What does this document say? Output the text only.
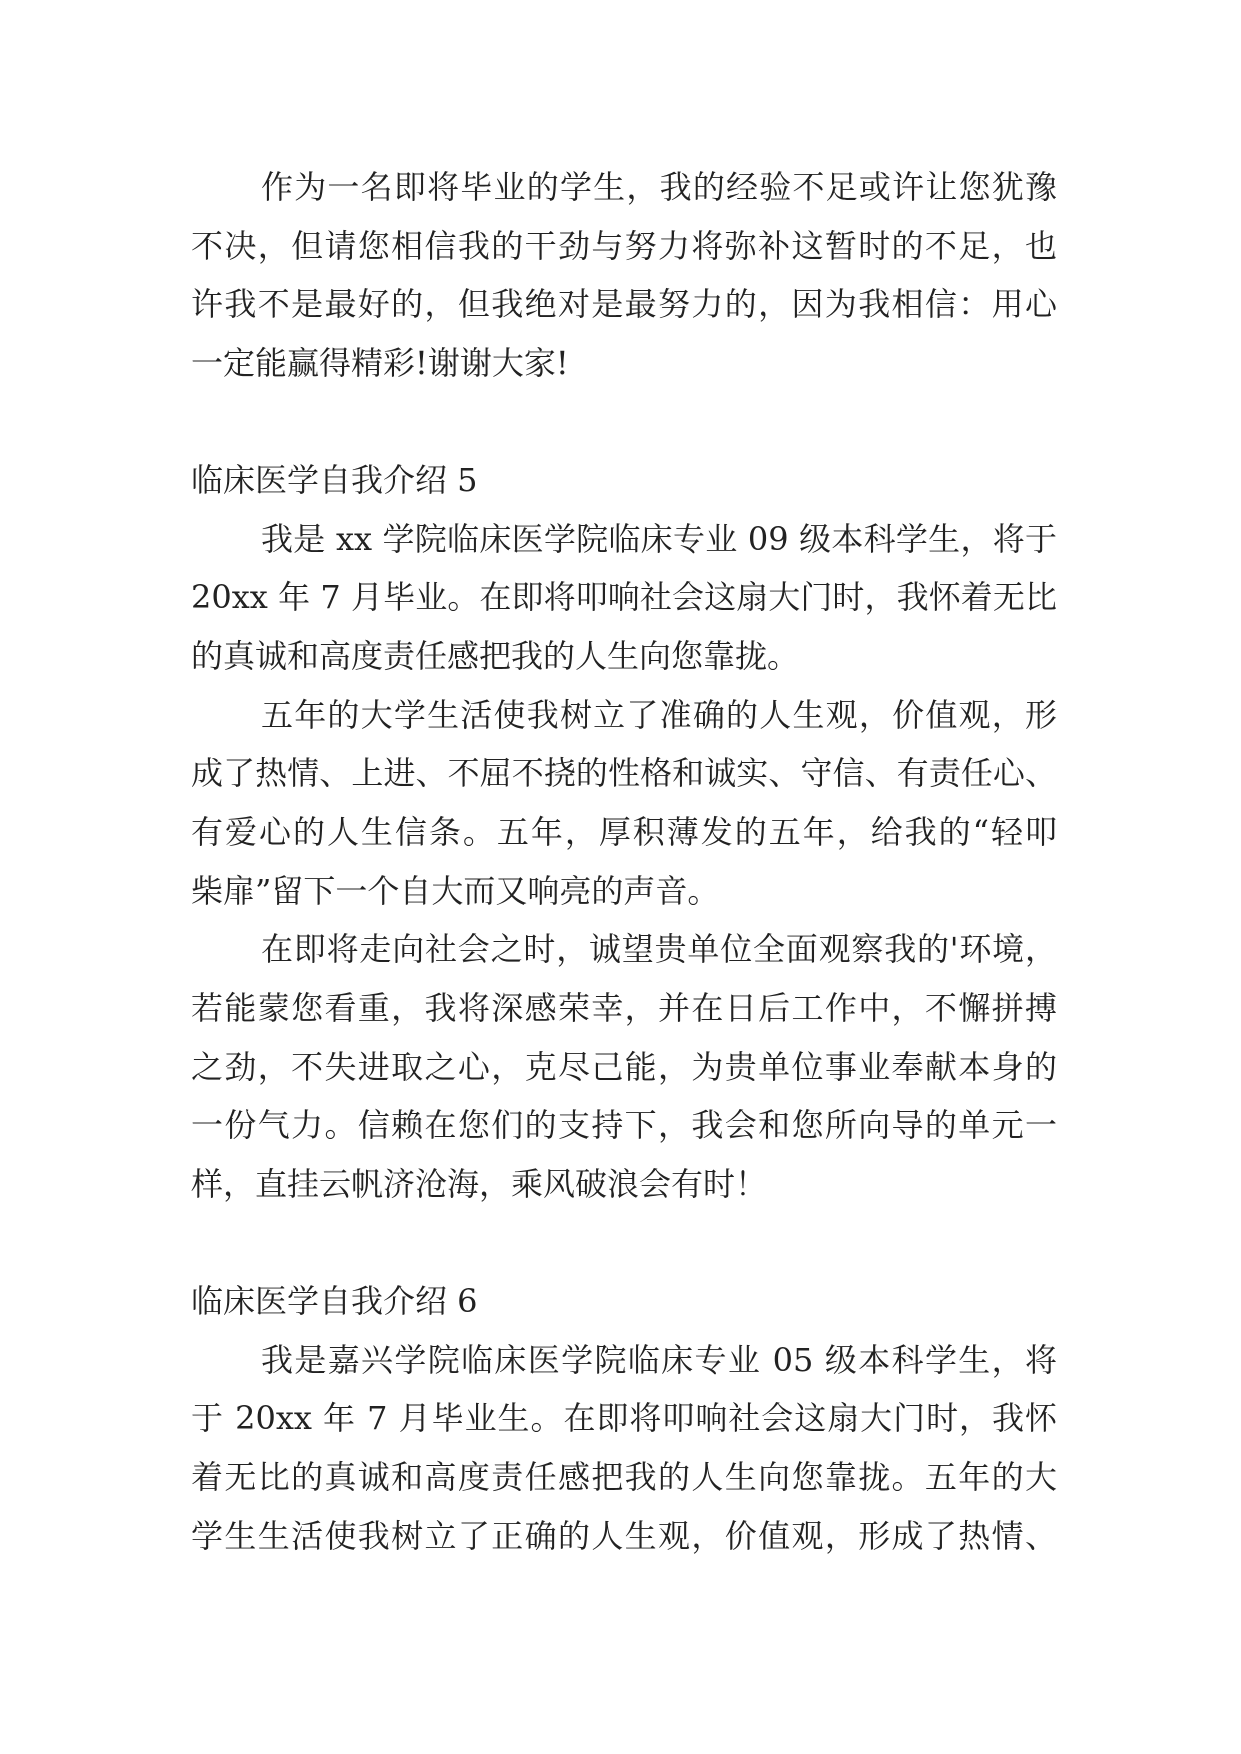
作为一名即将毕业的学生，我的经验不足或许让您犹豫
不决，但请您相信我的干劲与努力将弥补这暂时的不足，也
许我不是最好的，但我绝对是最努力的，因为我相信：用心
一定能赢得精彩!谢谢大家!
临床医学自我介绍 5
我是 xx 学院临床医学院临床专业 09 级本科学生，将于
20xx 年 7 月毕业。在即将叩响社会这扇大门时，我怀着无比
的真诚和高度责任感把我的人生向您靠拢。
五年的大学生活使我树立了准确的人生观，价值观，形
成了热情、上进、不屈不挠的性格和诚实、守信、有责任心、
有爱心的人生信条。五年，厚积薄发的五年，给我的“轻叩
柴扉”留下一个自大而又响亮的声音。
在即将走向社会之时，诚望贵单位全面观察我的'环境，
若能蒙您看重，我将深感荣幸，并在日后工作中，不懈拼搏
之劲，不失进取之心，克尽己能，为贵单位事业奉献本身的
一份气力。信赖在您们的支持下，我会和您所向导的单元一
样，直挂云帆济沧海，乘风破浪会有时！
临床医学自我介绍 6
我是嘉兴学院临床医学院临床专业 05 级本科学生，将
于 20xx 年 7 月毕业生。在即将叩响社会这扇大门时，我怀
着无比的真诚和高度责任感把我的人生向您靠拢。五年的大
学生生活使我树立了正确的人生观，价值观，形成了热情、
